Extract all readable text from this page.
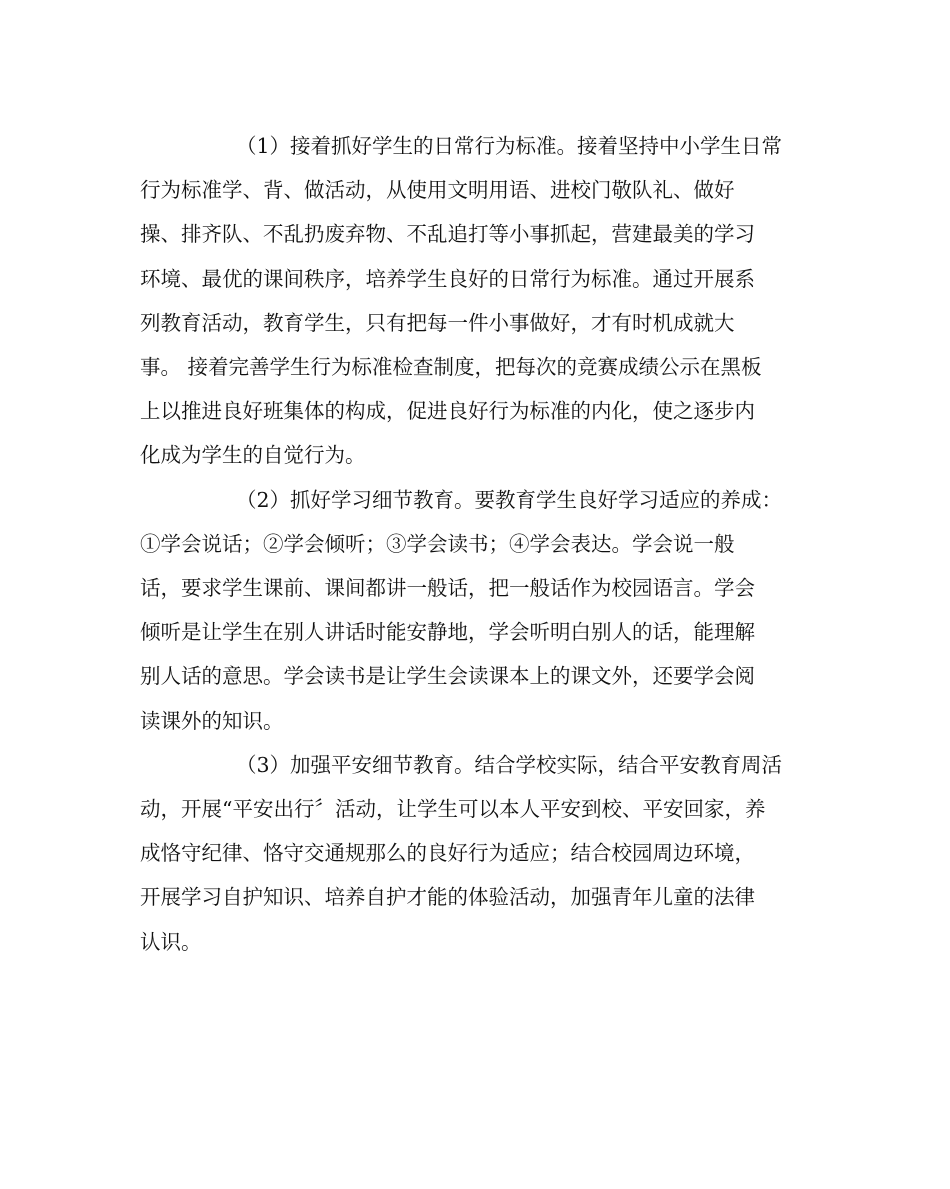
（1）接着抓好学生的日常行为标准。接着坚持中小学生日常
行为标准学、背、做活动，从使用文明用语、进校门敬队礼、做好
操、排齐队、不乱扔废弃物、不乱追打等小事抓起，营建最美的学习
环境、最优的课间秩序，培养学生良好的日常行为标准。通过开展系
列教育活动，教育学生，只有把每一件小事做好，才有时机成就大
事。 接着完善学生行为标准检查制度，把每次的竞赛成绩公示在黑板
上以推进良好班集体的构成，促进良好行为标准的内化，使之逐步内
化成为学生的自觉行为。

（2）抓好学习细节教育。要教育学生良好学习适应的养成：
①学会说话；②学会倾听；③学会读书；④学会表达。学会说一般
话，要求学生课前、课间都讲一般话，把一般话作为校园语言。学会
倾听是让学生在别人讲话时能安静地，学会听明白别人的话，能理解
别人话的意思。学会读书是让学生会读课本上的课文外，还要学会阅
读课外的知识。

（3）加强平安细节教育。结合学校实际，结合平安教育周活
动，开展“平安出行〞活动，让学生可以本人平安到校、平安回家，养
成恪守纪律、恪守交通规那么的良好行为适应；结合校园周边环境，
开展学习自护知识、培养自护才能的体验活动，加强青年儿童的法律
认识。
